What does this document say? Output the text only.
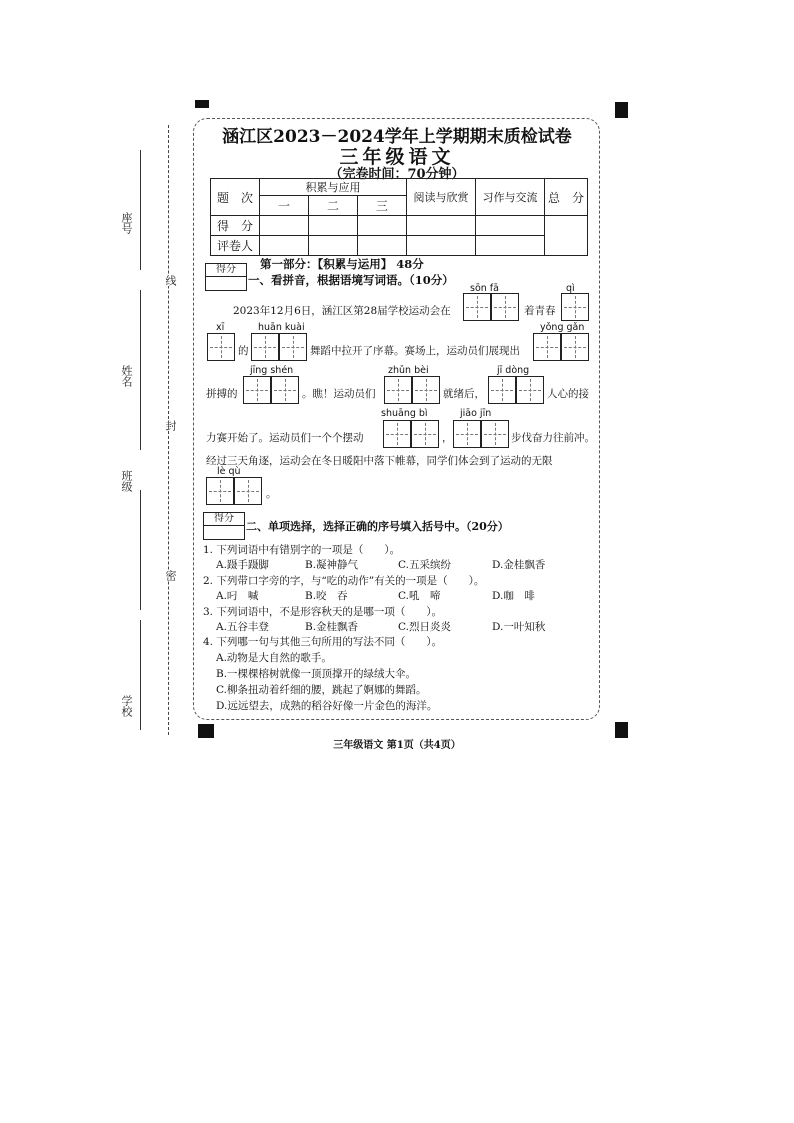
座号
姓名
班级
学校
线
封
密
涵江区2023－2024学年上学期期末质检试卷
三年级语文
（完卷时间：70分钟）
题　次	积累与应用			阅读与欣赏	习作与交流	总　分
	一	二	三			
得　分						
评卷人						
第一部分：【积累与运用】 48分
得分
一、看拼音，根据语境写词语。（10分）
2023年12月6日，涵江区第28届学校运动会在
sōn fā
着青春
qì
xī
的
huān kuài
舞蹈中拉开了序幕。赛场上，运动员们展现出
yǒng gǎn
jīng shén
拼搏的	。瞧！运动员们
zhǔn bèi
就绪后，
jī dòng
人心的接
shuāng bì	jiāo jīn
力赛开始了。运动员们一个个摆动	，	步伐奋力往前冲。
经过三天角逐，运动会在冬日暖阳中落下帷幕，同学们体会到了运动的无限
lè qù
。
得分
二、单项选择，选择正确的序号填入括号中。（20分）
1. 下列词语中有错别字的一项是（　　）。
A.蹑手蹑脚	B.凝神静气	C.五采缤纷	D.金桂飘香
2. 下列带口字旁的字，与“吃的动作”有关的一项是（　　）。
A.叼　喊	B.咬　吞	C.吼　啼	D.咖　啡
3. 下列词语中，不是形容秋天的是哪一项（　　）。
A.五谷丰登	B.金桂飘香	C.烈日炎炎	D.一叶知秋
4. 下列哪一句与其他三句所用的写法不同（　　）。
A.动物是大自然的歌手。
B.一棵棵榕树就像一顶顶撑开的绿绒大伞。
C.柳条扭动着纤细的腰，跳起了婀娜的舞蹈。
D.远远望去，成熟的稻谷好像一片金色的海洋。
三年级语文 第1页（共4页）
